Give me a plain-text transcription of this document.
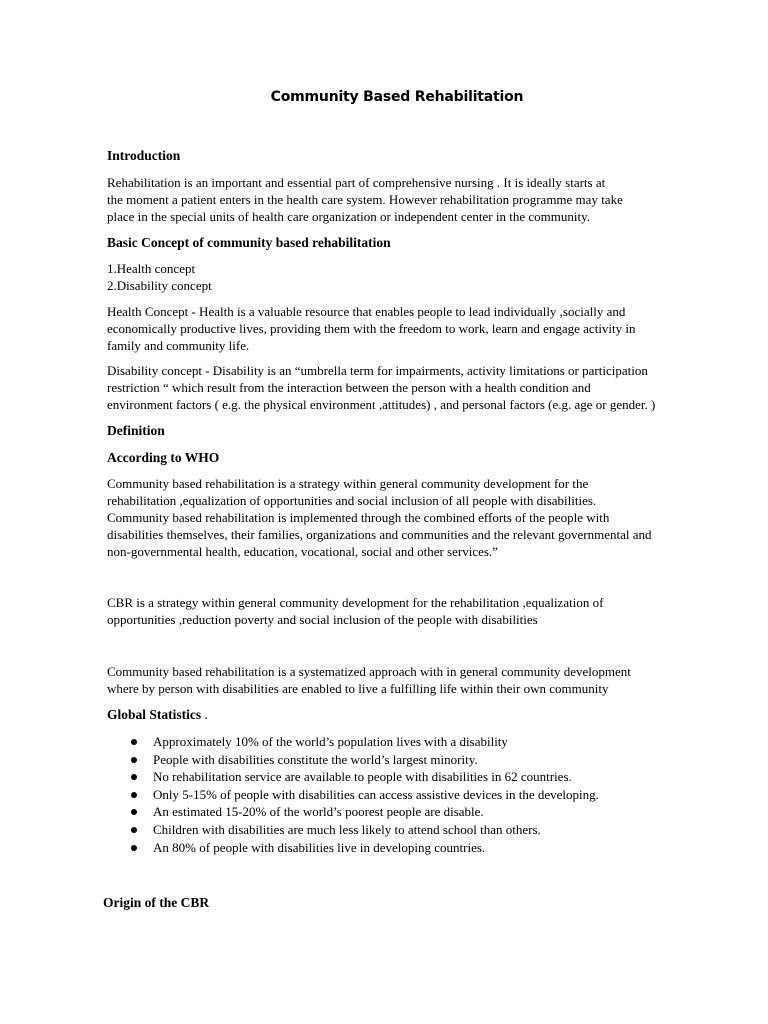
Community Based Rehabilitation
Introduction
Rehabilitation is an important and essential part of comprehensive nursing . It is ideally starts at
the moment a patient enters in the health care system. However rehabilitation programme may take
place in the special units of health care organization or independent center in the community.
Basic Concept of community based rehabilitation
1.Health concept
2.Disability concept
Health Concept - Health is a valuable resource that enables people to lead individually ,socially and
economically productive lives, providing them with the freedom to work, learn and engage activity in
family and community life.
Disability concept - Disability is an “umbrella term for impairments, activity limitations or participation
restriction “ which result from the interaction between the person with a health condition and
environment factors ( e.g. the physical environment ,attitudes) , and personal factors (e.g. age or gender. )
Definition
According to WHO
Community based rehabilitation is a strategy within general community development for the
rehabilitation ,equalization of opportunities and social inclusion of all people with disabilities.
Community based rehabilitation is implemented through the combined efforts of the people with
disabilities themselves, their families, organizations and communities and the relevant governmental and
non-governmental health, education, vocational, social and other services.”
CBR is a strategy within general community development for the rehabilitation ,equalization of
opportunities ,reduction poverty and social inclusion of the people with disabilities
Community based rehabilitation is a systematized approach with in general community development
where by person with disabilities are enabled to live a fulfilling life within their own community
Global Statistics .
Approximately 10% of the world’s population lives with a disability
People with disabilities constitute the world’s largest minority.
No rehabilitation service are available to people with disabilities in 62 countries.
Only 5-15% of people with disabilities can access assistive devices in the developing.
An estimated 15-20% of the world’s poorest people are disable.
Children with disabilities are much less likely to attend school than others.
An 80% of people with disabilities live in developing countries.
Origin of the CBR
